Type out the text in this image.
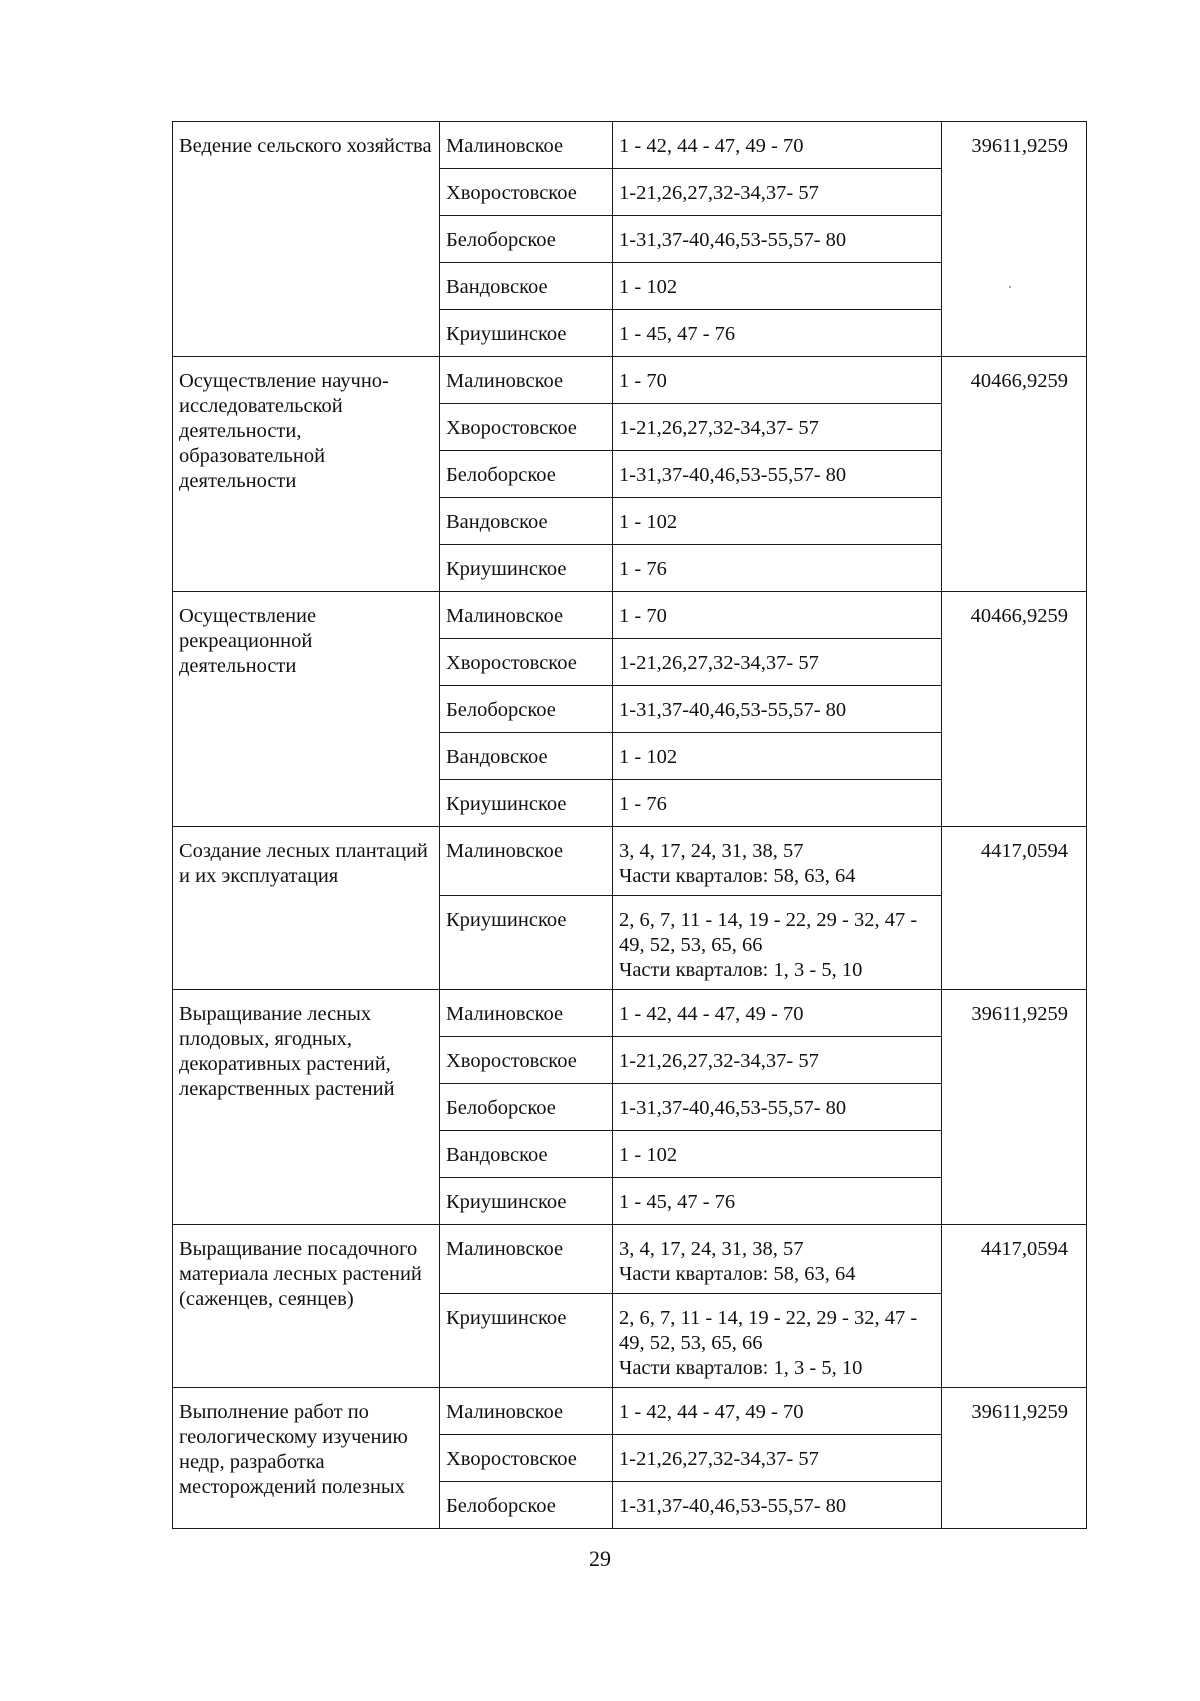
Ведение сельского хозяйства	Малиновское	1 - 42, 44 - 47, 49 - 70	39611,9259
	Хворостовское	1-21,26,27,32-34,37- 57	

	Белоборское	1-31,37-40,46,53-55,57- 80	

	Вандовское	1 - 102	

	Криушинское	1 - 45, 47 - 76	

Осуществление научно-исследовательской деятельности, образовательной деятельности	Малиновское	1 - 70	40466,9259
	Хворостовское	1-21,26,27,32-34,37- 57	

	Белоборское	1-31,37-40,46,53-55,57- 80	

	Вандовское	1 - 102	

	Криушинское	1 - 76	

Осуществление рекреационной деятельности	Малиновское	1 - 70	40466,9259
	Хворостовское	1-21,26,27,32-34,37- 57	

	Белоборское	1-31,37-40,46,53-55,57- 80	

	Вандовское	1 - 102	

	Криушинское	1 - 76	

Создание лесных плантаций и их эксплуатация	Малиновское	3, 4, 17, 24, 31, 38, 57
Части кварталов: 58, 63, 64	4417,0594
	Криушинское	2, 6, 7, 11 - 14, 19 - 22, 29 - 32, 47 - 49, 52, 53, 65, 66
Части кварталов: 1, 3 - 5, 10	

Выращивание лесных плодовых, ягодных, декоративных растений, лекарственных растений	Малиновское	1 - 42, 44 - 47, 49 - 70	39611,9259
	Хворостовское	1-21,26,27,32-34,37- 57	

	Белоборское	1-31,37-40,46,53-55,57- 80	

	Вандовское	1 - 102	

	Криушинское	1 - 45, 47 - 76	

Выращивание посадочного материала лесных растений (саженцев, сеянцев)	Малиновское	3, 4, 17, 24, 31, 38, 57
Части кварталов: 58, 63, 64	4417,0594
	Криушинское	2, 6, 7, 11 - 14, 19 - 22, 29 - 32, 47 - 49, 52, 53, 65, 66
Части кварталов: 1, 3 - 5, 10	

Выполнение работ по геологическому изучению недр, разработка месторождений полезных	Малиновское	1 - 42, 44 - 47, 49 - 70	39611,9259
	Хворостовское	1-21,26,27,32-34,37- 57	

	Белоборское	1-31,37-40,46,53-55,57- 80	
29
